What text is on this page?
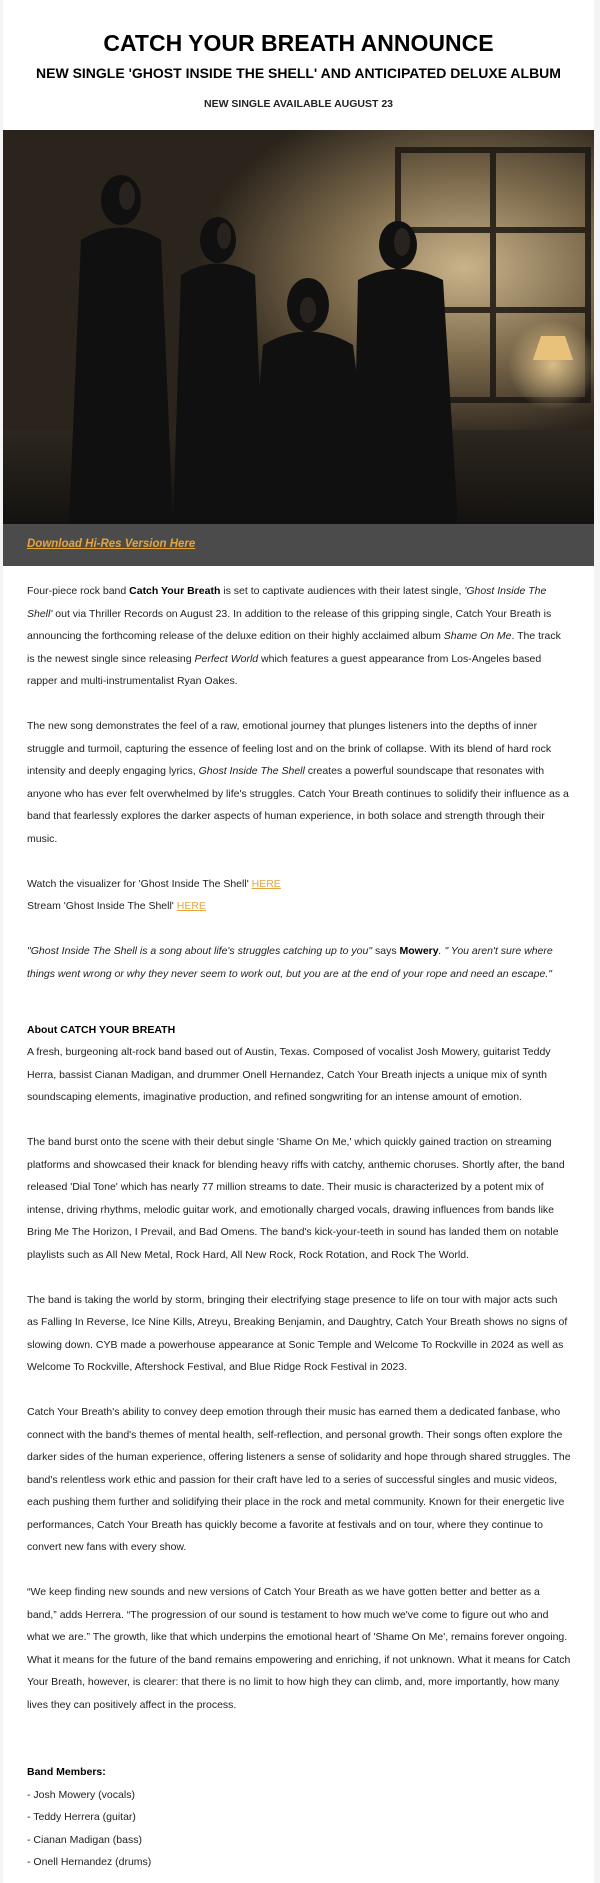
CATCH YOUR BREATH ANNOUNCE
NEW SINGLE 'GHOST INSIDE THE SHELL' AND ANTICIPATED DELUXE ALBUM
NEW SINGLE AVAILABLE AUGUST 23
Download Hi-Res Version Here

Four-piece rock band Catch Your Breath is set to captivate audiences with their latest single, 'Ghost Inside The Shell' out via Thriller Records on August 23. In addition to the release of this gripping single, Catch Your Breath is announcing the forthcoming release of the deluxe edition on their highly acclaimed album Shame On Me. The track is the newest single since releasing Perfect World which features a guest appearance from Los-Angeles based rapper and multi-instrumentalist Ryan Oakes.

The new song demonstrates the feel of a raw, emotional journey that plunges listeners into the depths of inner struggle and turmoil, capturing the essence of feeling lost and on the brink of collapse. With its blend of hard rock intensity and deeply engaging lyrics, Ghost Inside The Shell creates a powerful soundscape that resonates with anyone who has ever felt overwhelmed by life's struggles. Catch Your Breath continues to solidify their influence as a band that fearlessly explores the darker aspects of human experience, in both solace and strength through their music.

Watch the visualizer for 'Ghost Inside The Shell' HERE

Stream 'Ghost Inside The Shell' HERE

"Ghost Inside The Shell is a song about life's struggles catching up to you" says Mowery. " You aren't sure where things went wrong or why they never seem to work out, but you are at the end of your rope and need an escape."

About CATCH YOUR BREATH

A fresh, burgeoning alt-rock band based out of Austin, Texas. Composed of vocalist Josh Mowery, guitarist Teddy Herra, bassist Cianan Madigan, and drummer Onell Hernandez, Catch Your Breath injects a unique mix of synth soundscaping elements, imaginative production, and refined songwriting for an intense amount of emotion.

The band burst onto the scene with their debut single 'Shame On Me,' which quickly gained traction on streaming platforms and showcased their knack for blending heavy riffs with catchy, anthemic choruses. Shortly after, the band released 'Dial Tone' which has nearly 77 million streams to date. Their music is characterized by a potent mix of intense, driving rhythms, melodic guitar work, and emotionally charged vocals, drawing influences from bands like Bring Me The Horizon, I Prevail, and Bad Omens. The band's kick-your-teeth in sound has landed them on notable playlists such as All New Metal, Rock Hard, All New Rock, Rock Rotation, and Rock The World.

The band is taking the world by storm, bringing their electrifying stage presence to life on tour with major acts such as Falling In Reverse, Ice Nine Kills, Atreyu, Breaking Benjamin, and Daughtry, Catch Your Breath shows no signs of slowing down. CYB made a powerhouse appearance at Sonic Temple and Welcome To Rockville in 2024 as well as Welcome To Rockville, Aftershock Festival, and Blue Ridge Rock Festival in 2023.

Catch Your Breath's ability to convey deep emotion through their music has earned them a dedicated fanbase, who connect with the band's themes of mental health, self-reflection, and personal growth. Their songs often explore the darker sides of the human experience, offering listeners a sense of solidarity and hope through shared struggles. The band's relentless work ethic and passion for their craft have led to a series of successful singles and music videos, each pushing them further and solidifying their place in the rock and metal community. Known for their energetic live performances, Catch Your Breath has quickly become a favorite at festivals and on tour, where they continue to convert new fans with every show.

“We keep finding new sounds and new versions of Catch Your Breath as we have gotten better and better as a band,” adds Herrera. “The progression of our sound is testament to how much we've come to figure out who and what we are.” The growth, like that which underpins the emotional heart of 'Shame On Me', remains forever ongoing. What it means for the future of the band remains empowering and enriching, if not unknown. What it means for Catch Your Breath, however, is clearer: that there is no limit to how high they can climb, and, more importantly, how many lives they can positively affect in the process.

Band Members:

- Josh Mowery (vocals)

- Teddy Herrera (guitar)

- Cianan Madigan (bass)

- Onell Hernandez (drums)
